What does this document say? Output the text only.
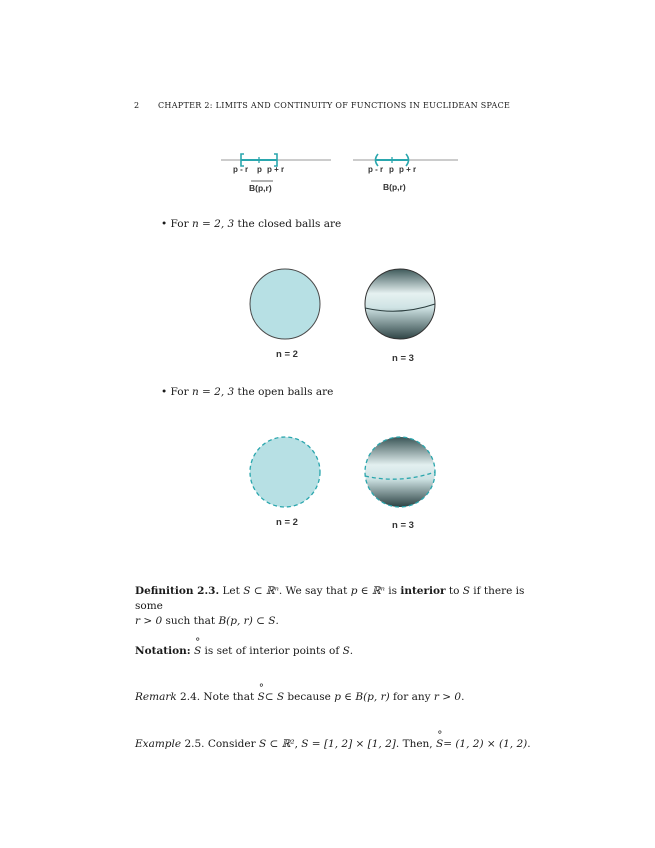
2 CHAPTER 2: LIMITS AND CONTINUITY OF FUNCTIONS IN EUCLIDEAN SPACE
p - r p p + r
B(p,r)
p - r p p + r
B(p,r)
• For n = 2, 3 the closed balls are
n = 2	n = 3
• For n = 2, 3 the open balls are
n = 2	n = 3
Definition 2.3. Let S ⊂ ℝⁿ. We say that p ∈ ℝⁿ is interior to S if there is some
r > 0 such that B(p, r) ⊂ S.
Notation: ° S is set of interior points of S.
Remark 2.4. Note that ° S⊂ S because p ∈ B(p, r) for any r > 0.
Example 2.5. Consider S ⊂ ℝ², S = [1, 2] × [1, 2]. Then, ° S= (1, 2) × (1, 2).
